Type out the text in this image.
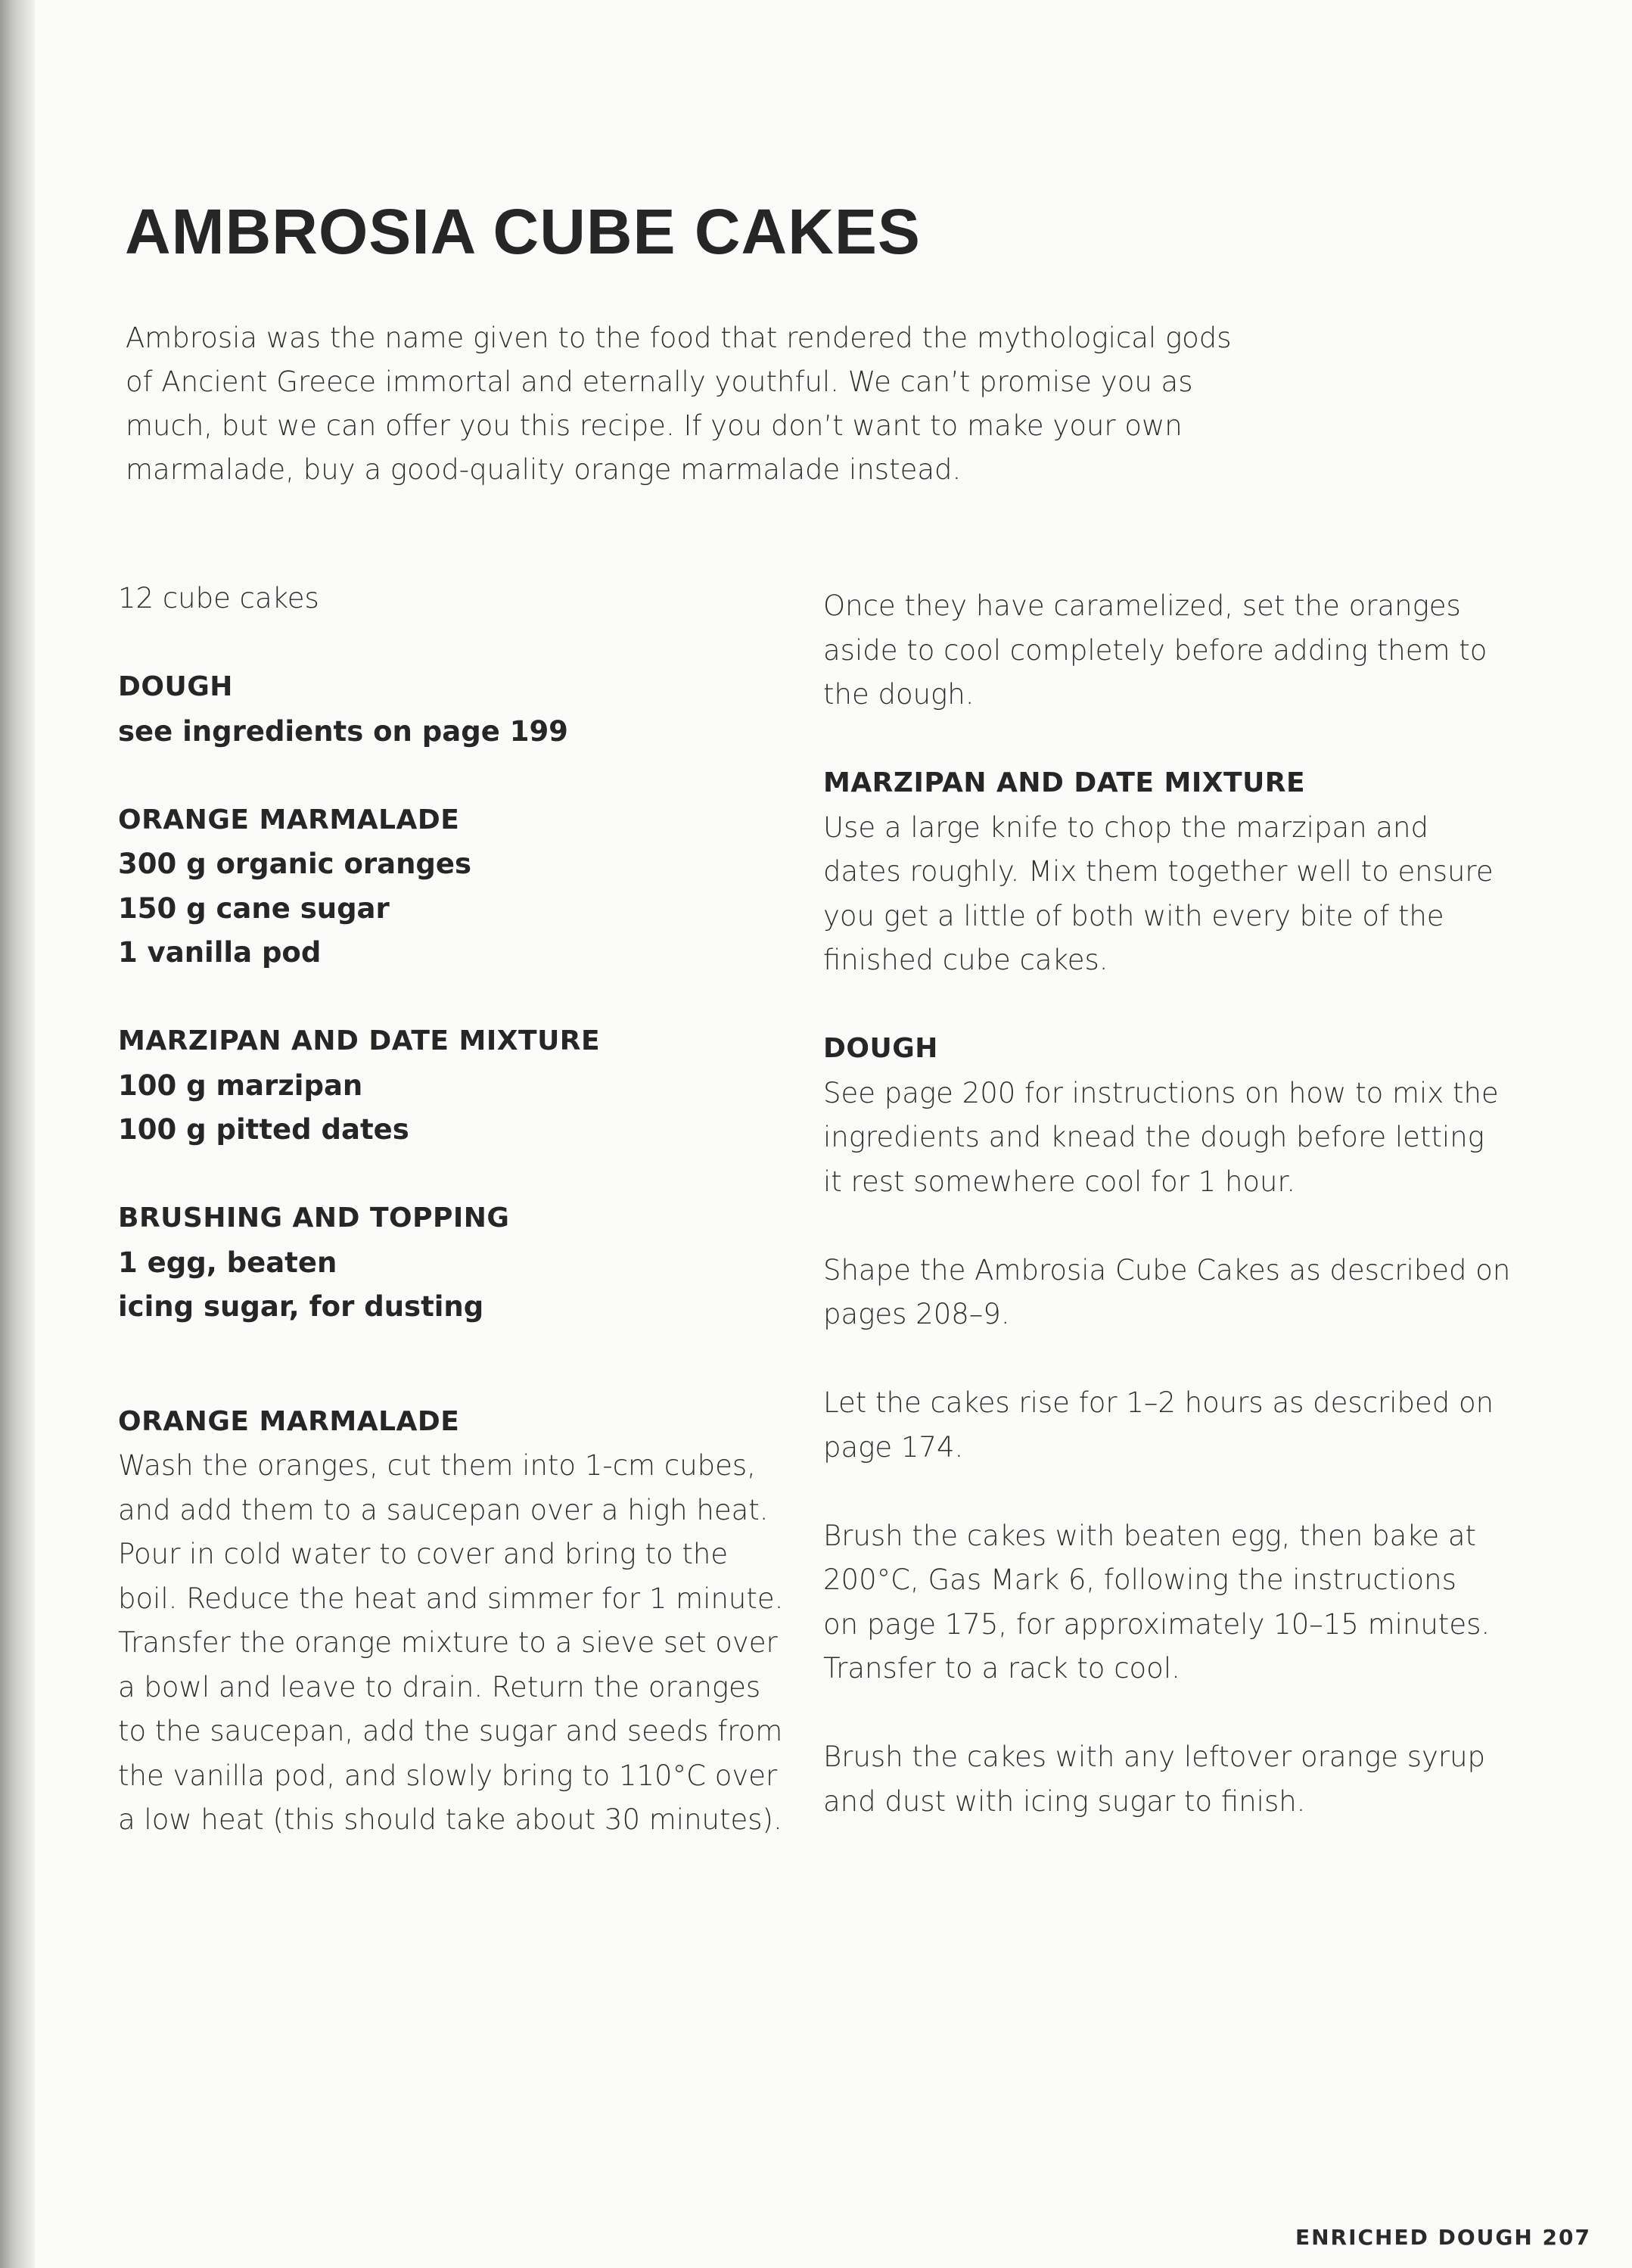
AMBROSIA CUBE CAKES
Ambrosia was the name given to the food that rendered the mythological gods
of Ancient Greece immortal and eternally youthful. We can’t promise you as
much, but we can offer you this recipe. If you don’t want to make your own
marmalade, buy a good-quality orange marmalade instead.
12 cube cakes
DOUGH
see ingredients on page 199
ORANGE MARMALADE
300 g organic oranges
150 g cane sugar
1 vanilla pod
MARZIPAN AND DATE MIXTURE
100 g marzipan
100 g pitted dates
BRUSHING AND TOPPING
1 egg, beaten
icing sugar, for dusting
ORANGE MARMALADE
Wash the oranges, cut them into 1-cm cubes,
and add them to a saucepan over a high heat.
Pour in cold water to cover and bring to the
boil. Reduce the heat and simmer for 1 minute.
Transfer the orange mixture to a sieve set over
a bowl and leave to drain. Return the oranges
to the saucepan, add the sugar and seeds from
the vanilla pod, and slowly bring to 110°C over
a low heat (this should take about 30 minutes).
Once they have caramelized, set the oranges
aside to cool completely before adding them to
the dough.
MARZIPAN AND DATE MIXTURE
Use a large knife to chop the marzipan and
dates roughly. Mix them together well to ensure
you get a little of both with every bite of the
finished cube cakes.
DOUGH
See page 200 for instructions on how to mix the
ingredients and knead the dough before letting
it rest somewhere cool for 1 hour.
Shape the Ambrosia Cube Cakes as described on
pages 208–9.
Let the cakes rise for 1–2 hours as described on
page 174.
Brush the cakes with beaten egg, then bake at
200°C, Gas Mark 6, following the instructions
on page 175, for approximately 10–15 minutes.
Transfer to a rack to cool.
Brush the cakes with any leftover orange syrup
and dust with icing sugar to finish.
ENRICHED DOUGH 207
